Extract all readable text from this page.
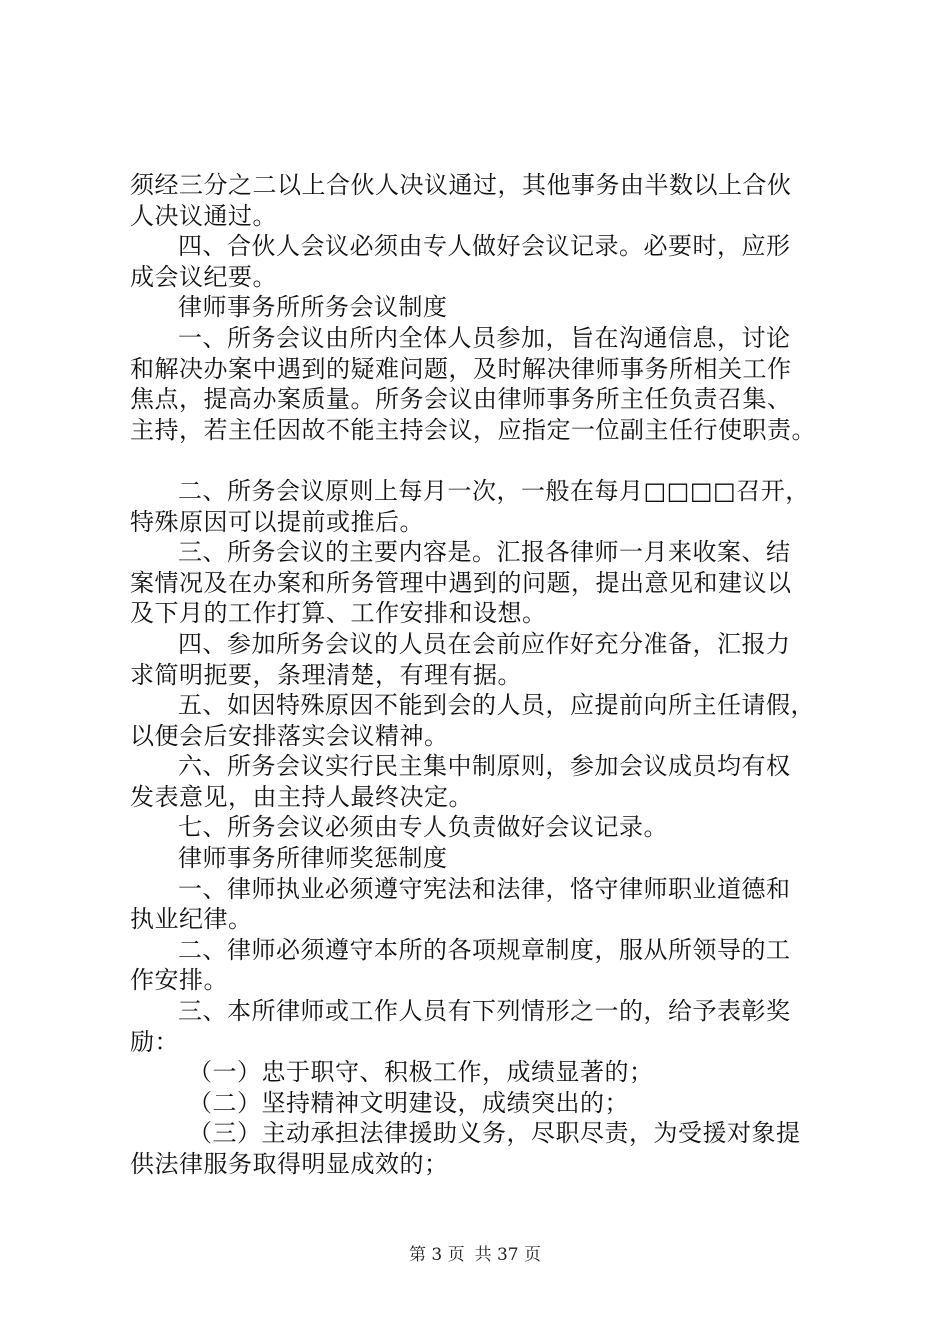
须经三分之二以上合伙人决议通过，其他事务由半数以上合伙
人决议通过。
四、合伙人会议必须由专人做好会议记录。必要时，应形
成会议纪要。
律师事务所所务会议制度
一、所务会议由所内全体人员参加，旨在沟通信息，讨论
和解决办案中遇到的疑难问题，及时解决律师事务所相关工作
焦点，提高办案质量。所务会议由律师事务所主任负责召集、
主持，若主任因故不能主持会议，应指定一位副主任行使职责。
二、所务会议原则上每月一次，一般在每月□□□□召开，
特殊原因可以提前或推后。
三、所务会议的主要内容是。汇报各律师一月来收案、结
案情况及在办案和所务管理中遇到的问题，提出意见和建议以
及下月的工作打算、工作安排和设想。
四、参加所务会议的人员在会前应作好充分准备，汇报力
求简明扼要，条理清楚，有理有据。
五、如因特殊原因不能到会的人员，应提前向所主任请假，
以便会后安排落实会议精神。
六、所务会议实行民主集中制原则，参加会议成员均有权
发表意见，由主持人最终决定。
七、所务会议必须由专人负责做好会议记录。
律师事务所律师奖惩制度
一、律师执业必须遵守宪法和法律，恪守律师职业道德和
执业纪律。
二、律师必须遵守本所的各项规章制度，服从所领导的工
作安排。
三、本所律师或工作人员有下列情形之一的，给予表彰奖
励：
（一）忠于职守、积极工作，成绩显著的；
（二）坚持精神文明建设，成绩突出的；
（三）主动承担法律援助义务，尽职尽责，为受援对象提
供法律服务取得明显成效的；
第 3 页 共 37 页
